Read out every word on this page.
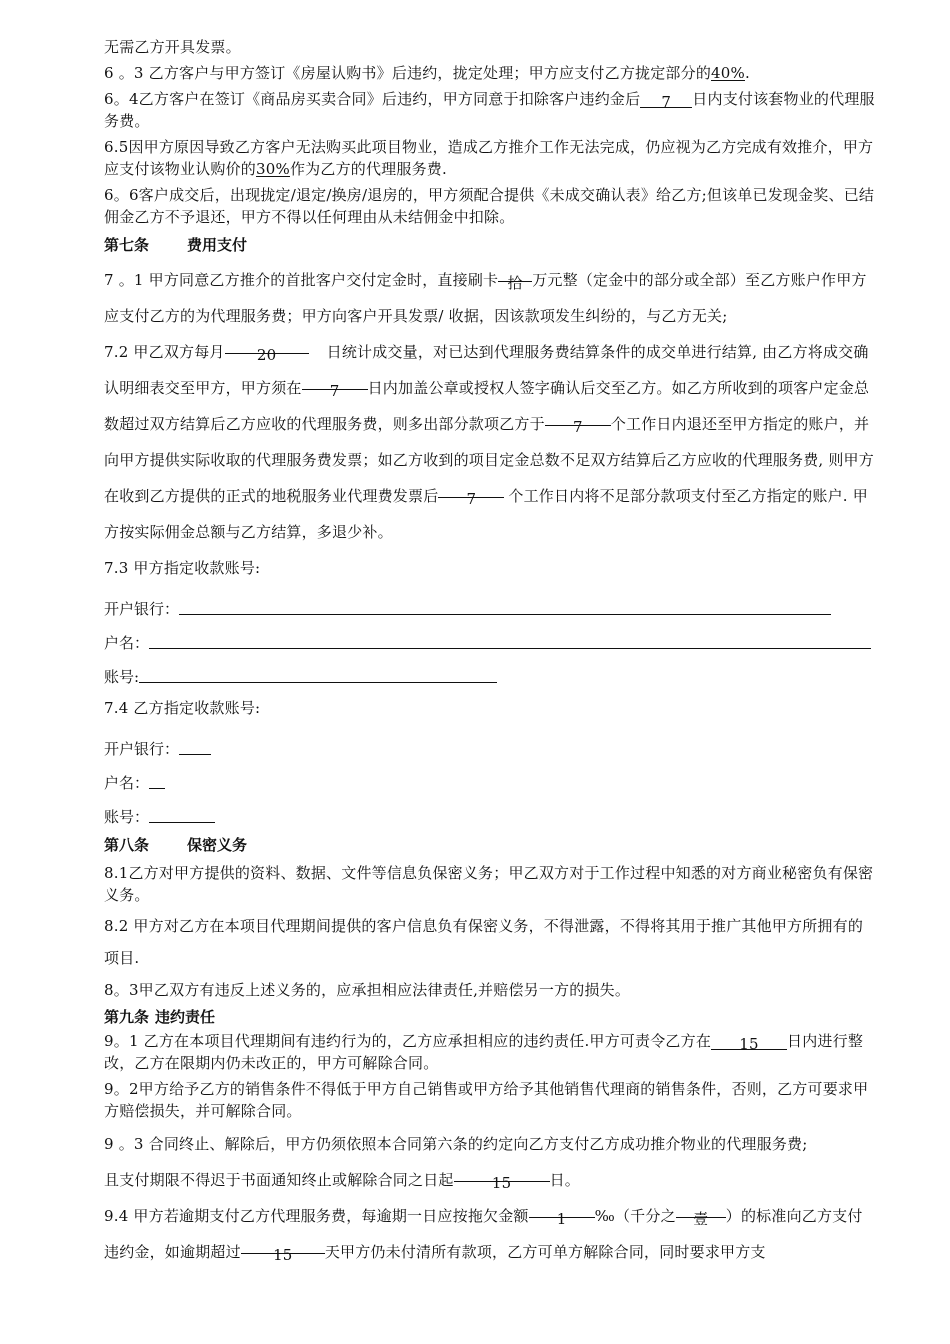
无需乙方开具发票。

6 。3 乙方客户与甲方签订《房屋认购书》后违约，拢定处理；甲方应支付乙方拢定部分的40%.

6。4乙方客户在签订《商品房买卖合同》后违约，甲方同意于扣除客户违约金后 7 日内支付该套物业的代理服务费。

6.5因甲方原因导致乙方客户无法购买此项目物业，造成乙方推介工作无法完成，仍应视为乙方完成有效推介，甲方应支付该物业认购价的30%作为乙方的代理服务费.

6。6客户成交后，出现拢定/退定/换房/退房的，甲方须配合提供《未成交确认表》给乙方;但该单已发现金奖、已结佣金乙方不予退还，甲方不得以任何理由从未结佣金中扣除。

第七条	费用支付

7 。1 甲方同意乙方推介的首批客户交付定金时，直接刷卡 拾 万元整（定金中的部分或全部）至乙方账户作甲方应支付乙方的为代理服务费；甲方向客户开具发票/ 收据，因该款项发生纠纷的，与乙方无关;

7.2 甲乙双方每月 20	日统计成交量，对已达到代理服务费结算条件的成交单进行结算, 由乙方将成交确认明细表交至甲方，甲方须在 7 日内加盖公章或授权人签字确认后交至乙方。如乙方所收到的项客户定金总数超过双方结算后乙方应收的代理服务费，则多出部分款项乙方于 7 个工作日内退还至甲方指定的账户，并向甲方提供实际收取的代理服务费发票；如乙方收到的项目定金总数不足双方结算后乙方应收的代理服务费, 则甲方在收到乙方提供的正式的地税服务业代理费发票后 7 个工作日内将不足部分款项支付至乙方指定的账户. 甲方按实际佣金总额与乙方结算，多退少补。

7.3 甲方指定收款账号:

开户银行：
户名：
账号:

7.4 乙方指定收款账号:

开户银行：
户名：
账号：

第八条	保密义务

8.1乙方对甲方提供的资料、数据、文件等信息负保密义务；甲乙双方对于工作过程中知悉的对方商业秘密负有保密义务。

8.2 甲方对乙方在本项目代理期间提供的客户信息负有保密义务，不得泄露，不得将其用于推广其他甲方所拥有的项目.

8。3甲乙双方有违反上述义务的，应承担相应法律责任,并赔偿另一方的损失。

第九条 违约责任

9。1 乙方在本项目代理期间有违约行为的，乙方应承担相应的违约责任.甲方可责令乙方在 15 日内进行整改，乙方在限期内仍未改正的，甲方可解除合同。

9。2甲方给予乙方的销售条件不得低于甲方自己销售或甲方给予其他销售代理商的销售条件，否则，乙方可要求甲方赔偿损失，并可解除合同。

9 。3 合同终止、解除后，甲方仍须依照本合同第六条的约定向乙方支付乙方成功推介物业的代理服务费;
且支付期限不得迟于书面通知终止或解除合同之日起	15	日。

9.4 甲方若逾期支付乙方代理服务费，每逾期一日应按拖欠金额 1 ‰（千分之 壹 ）的标准向乙方支付违约金，如逾期超过 15 天甲方仍未付清所有款项，乙方可单方解除合同，同时要求甲方支
